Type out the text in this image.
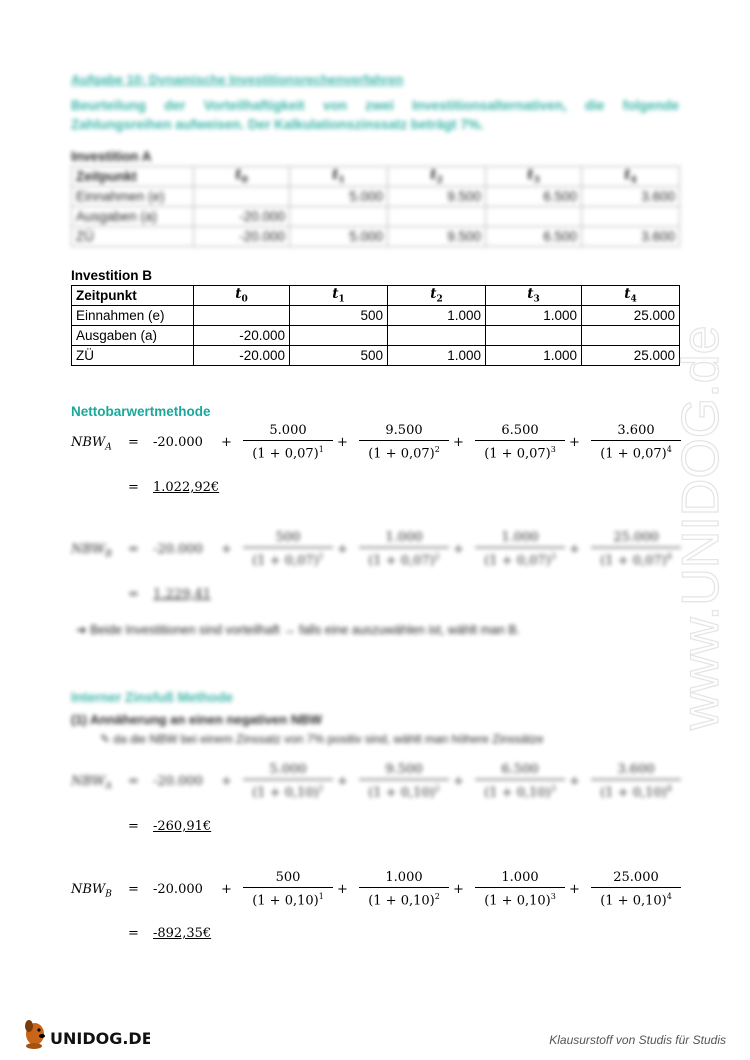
Aufgabe 10: Dynamische Investitionsrechenverfahren
Beurteilung der Vorteilhaftigkeit von zwei Investitionsalternativen, die folgende Zahlungsreihen aufweisen. Der Kalkulationszinssatz beträgt 7%.
Investition A
Zeitpunkt	$t_0$	$t_1$	$t_2$	$t_3$	$t_4$
Einnahmen (e)		5.000	9.500	6.500	3.600
Ausgaben (a)	-20.000				
ZÜ	-20.000	5.000	9.500	6.500	3.600
Investition B
Zeitpunkt	$t_0$	$t_1$	$t_2$	$t_3$	$t_4$
Einnahmen (e)		500	1.000	1.000	25.000
Ausgaben (a)	-20.000				
ZÜ	-20.000	500	1.000	1.000	25.000
Nettobarwertmethode
$NBW_A = -20.000 + \frac{5.000}{(1 + 0,07)^1} + \frac{9.500}{(1 + 0,07)^2} + \frac{6.500}{(1 + 0,07)^3} + \frac{3.600}{(1 + 0,07)^4}$
= 1.022,92€
$NBW_B = -20.000 + \frac{500}{(1 + 0,07)^1} + \frac{1.000}{(1 + 0,07)^2} + \frac{1.000}{(1 + 0,07)^3} + \frac{25.000}{(1 + 0,07)^4}$
= 1.229,41
➔ Beide Investitionen sind vorteilhaft → falls eine auszuwählen ist, wählt man B.
Interner Zinsfuß Methode
(1) Annäherung an einen negativen NBW
✎ da die NBW bei einem Zinssatz von 7% positiv sind, wählt man höhere Zinssätze
$NBW_A = -20.000 + \frac{5.000}{(1 + 0,10)^1} + \frac{9.500}{(1 + 0,10)^2} + \frac{6.500}{(1 + 0,10)^3} + \frac{3.600}{(1 + 0,10)^4}$
= -260,91€
$NBW_B = -20.000 + \frac{500}{(1 + 0,10)^1} + \frac{1.000}{(1 + 0,10)^2} + \frac{1.000}{(1 + 0,10)^3} + \frac{25.000}{(1 + 0,10)^4}$
= -892,35€
www.UNIDOG.de
UNIDOG.DE	Klausurstoff von Studis für Studis
